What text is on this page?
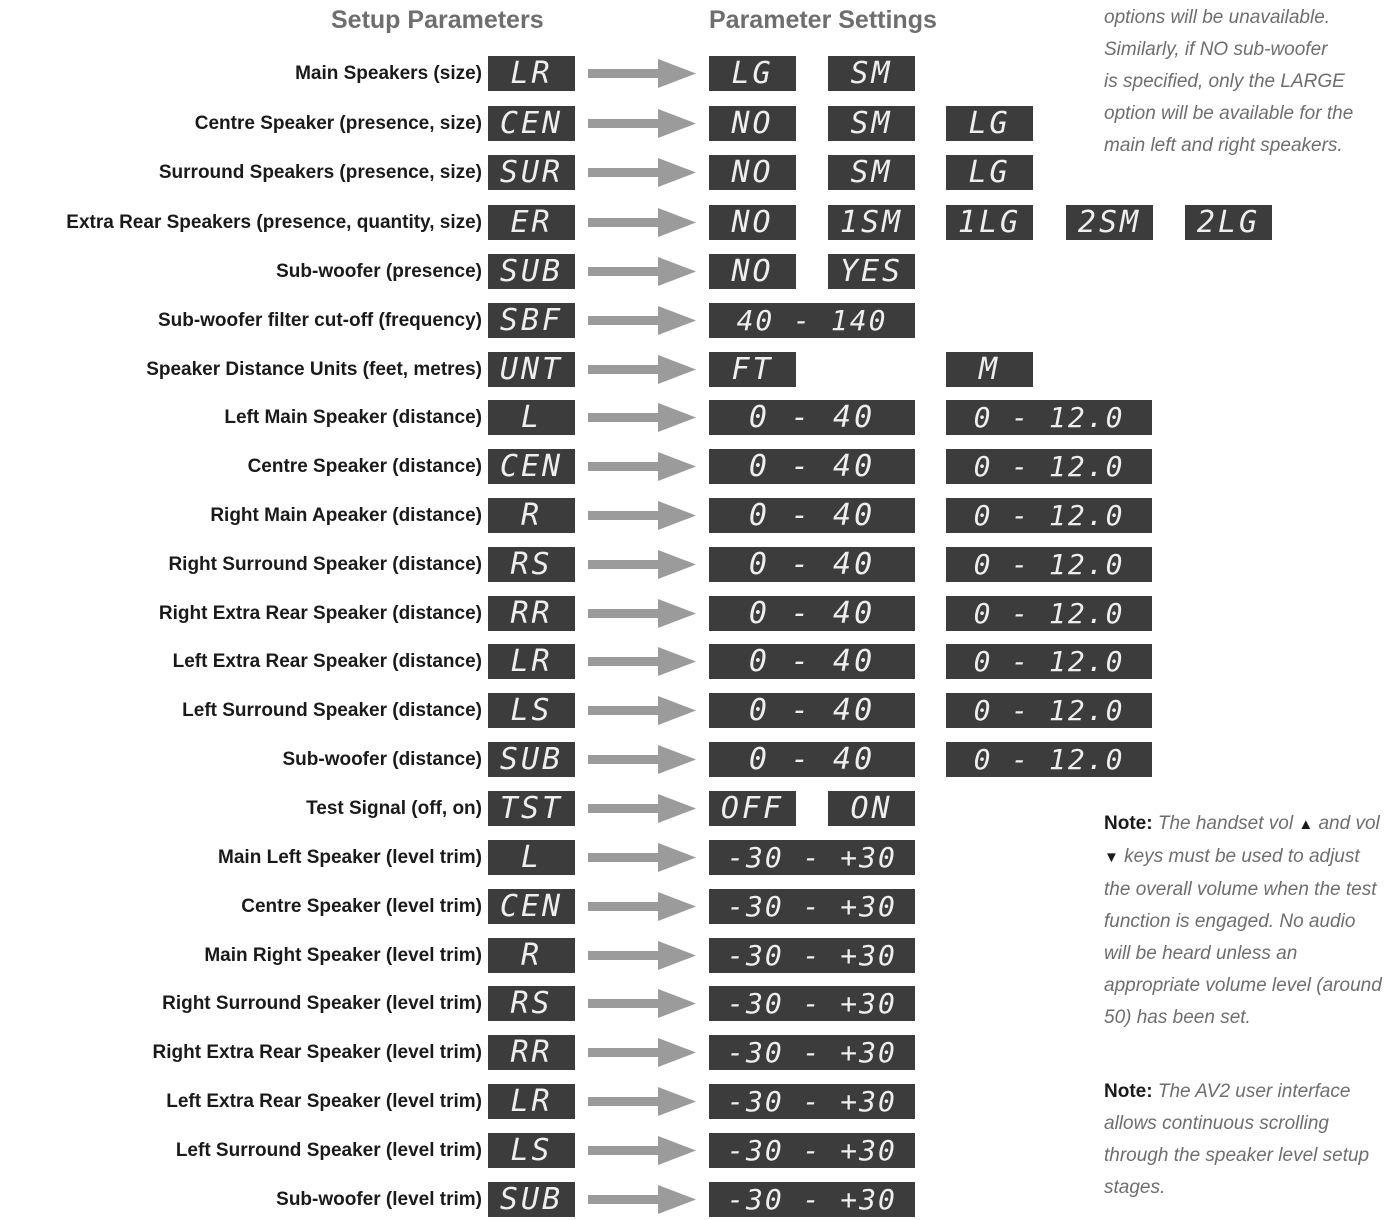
Setup Parameters	Parameter Settings	options will be unavailable.
Similarly, if NO sub-woofer
is specified, only the LARGE
option will be available for the
main left and right speakers.
Note: The handset vol ▲ and vol ▼ keys must be used to adjust the overall volume when the test function is engaged. No audio will be heard unless an appropriate volume level (around 50) has been set.
Note: The AV2 user interface allows continuous scrolling through the speaker level setup stages.
Main Speakers (size) LR	LG	SM
Centre Speaker (presence, size) CEN	NO	SM	LG
Surround Speakers (presence, size) SUR	NO	SM	LG
Extra Rear Speakers (presence, quantity, size) ER	NO	1SM	1LG	2SM	2LG
Sub-woofer (presence) SUB	NO	YES
Sub-woofer filter cut-off (frequency) SBF	40 - 140
Speaker Distance Units (feet, metres) UNT	FT	M
Left Main Speaker (distance)	L	0 - 40	0 - 12.0
Centre Speaker (distance) CEN	0 - 40	0 - 12.0
Right Main Apeaker (distance)	R	0 - 40	0 - 12.0
Right Surround Speaker (distance) RS	0 - 40	0 - 12.0
Right Extra Rear Speaker (distance) RR	0 - 40	0 - 12.0
Left Extra Rear Speaker (distance) LR	0 - 40	0 - 12.0
Left Surround Speaker (distance) LS	0 - 40	0 - 12.0
Sub-woofer (distance) SUB	0 - 40	0 - 12.0
Test Signal (off, on) TST	OFF	ON
Main Left Speaker (level trim)	L	-30 - +30
Centre Speaker (level trim) CEN	-30 - +30
Main Right Speaker (level trim)	R	-30 - +30
Right Surround Speaker (level trim) RS	-30 - +30
Right Extra Rear Speaker (level trim) RR	-30 - +30
Left Extra Rear Speaker (level trim) LR	-30 - +30
Left Surround Speaker (level trim) LS	-30 - +30
Sub-woofer (level trim) SUB	-30 - +30
